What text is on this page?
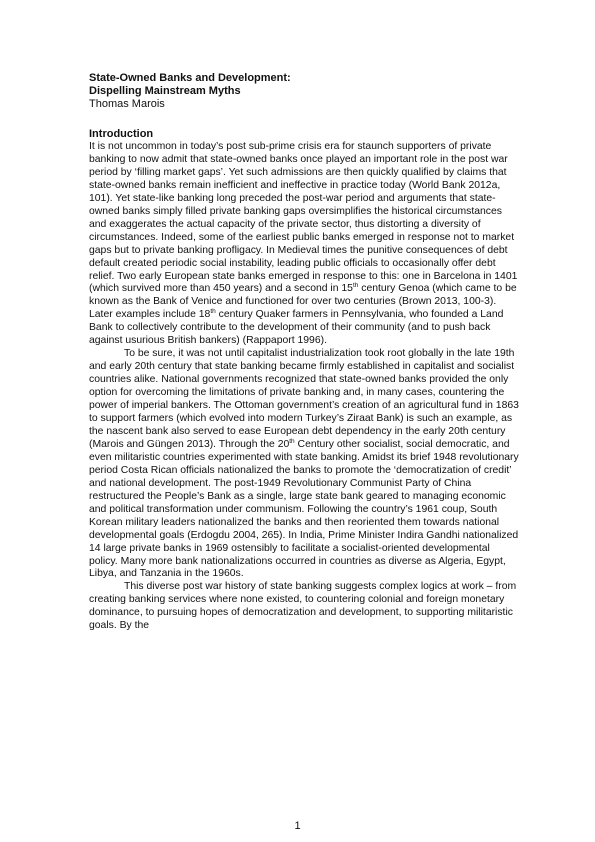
State-Owned Banks and Development:

Dispelling Mainstream Myths

Thomas Marois

Introduction

It is not uncommon in today’s post sub-prime crisis era for staunch supporters of private banking to now admit that state-owned banks once played an important role in the post war period by ‘filling market gaps’. Yet such admissions are then quickly qualified by claims that state-owned banks remain inefficient and ineffective in practice today (World Bank 2012a, 101). Yet state-like banking long preceded the post-war period and arguments that state-owned banks simply filled private banking gaps oversimplifies the historical circumstances and exaggerates the actual capacity of the private sector, thus distorting a diversity of circumstances. Indeed, some of the earliest public banks emerged in response not to market gaps but to private banking profligacy. In Medieval times the punitive consequences of debt default created periodic social instability, leading public officials to occasionally offer debt relief. Two early European state banks emerged in response to this: one in Barcelona in 1401 (which survived more than 450 years) and a second in 15th century Genoa (which came to be known as the Bank of Venice and functioned for over two centuries (Brown 2013, 100-3). Later examples include 18th century Quaker farmers in Pennsylvania, who founded a Land Bank to collectively contribute to the development of their community (and to push back against usurious British bankers) (Rappaport 1996).

To be sure, it was not until capitalist industrialization took root globally in the late 19th and early 20th century that state banking became firmly established in capitalist and socialist countries alike. National governments recognized that state-owned banks provided the only option for overcoming the limitations of private banking and, in many cases, countering the power of imperial bankers. The Ottoman government’s creation of an agricultural fund in 1863 to support farmers (which evolved into modern Turkey’s Ziraat Bank) is such an example, as the nascent bank also served to ease European debt dependency in the early 20th century (Marois and Güngen 2013). Through the 20th Century other socialist, social democratic, and even militaristic countries experimented with state banking. Amidst its brief 1948 revolutionary period Costa Rican officials nationalized the banks to promote the ‘democratization of credit’ and national development. The post-1949 Revolutionary Communist Party of China restructured the People’s Bank as a single, large state bank geared to managing economic and political transformation under communism. Following the country’s 1961 coup, South Korean military leaders nationalized the banks and then reoriented them towards national developmental goals (Erdogdu 2004, 265). In India, Prime Minister Indira Gandhi nationalized 14 large private banks in 1969 ostensibly to facilitate a socialist-oriented developmental policy. Many more bank nationalizations occurred in countries as diverse as Algeria, Egypt, Libya, and Tanzania in the 1960s.

This diverse post war history of state banking suggests complex logics at work – from creating banking services where none existed, to countering colonial and foreign monetary dominance, to pursuing hopes of democratization and development, to supporting militaristic goals. By the

1
